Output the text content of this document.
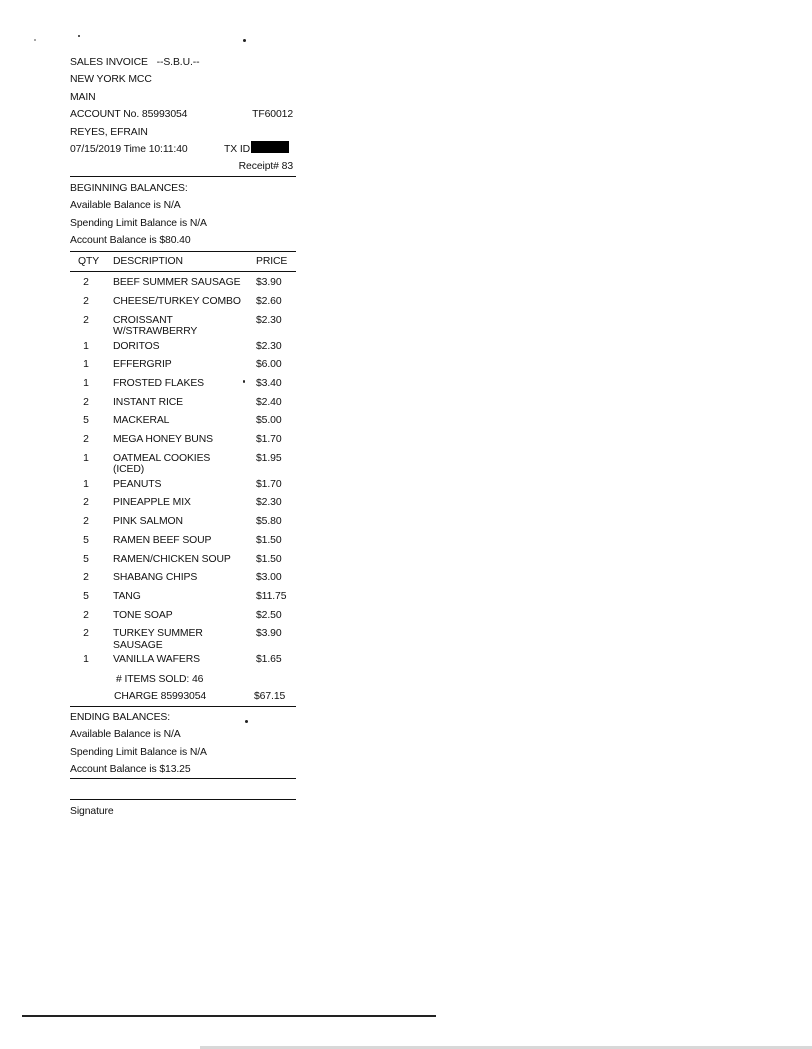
SALES INVOICE --S.B.U.--
NEW YORK MCC
MAIN
ACCOUNT No. 85993054	TF60012
REYES, EFRAIN
07/15/2019 Time 10:11:40	TX ID
Receipt# 83
BEGINNING BALANCES:
Available Balance is N/A
Spending Limit Balance is N/A
Account Balance is $80.40
QTY DESCRIPTION	PRICE
2	BEEF SUMMER SAUSAGE $3.90
2	CHEESE/TURKEY COMBO $2.60
2	CROISSANT W/STRAWBERRY
$2.30
1	DORITOS	$2.30
1	EFFERGRIP	$6.00
1	FROSTED FLAKES	$3.40
2	INSTANT RICE	$2.40
5	MACKERAL	$5.00
2	MEGA HONEY BUNS	$1.70
1	OATMEAL COOKIES (ICED)
$1.95
1	PEANUTS	$1.70
2	PINEAPPLE MIX	$2.30
2	PINK SALMON	$5.80
5	RAMEN BEEF SOUP	$1.50
5	RAMEN/CHICKEN SOUP	$1.50
2	SHABANG CHIPS	$3.00
5	TANG	$11.75
2	TONE SOAP	$2.50
2	TURKEY SUMMER SAUSAGE
$3.90
1	VANILLA WAFERS	$1.65
# ITEMS SOLD: 46
CHARGE 85993054	$67.15
ENDING BALANCES:
Available Balance is N/A
Spending Limit Balance is N/A
Account Balance is $13.25
Signature
